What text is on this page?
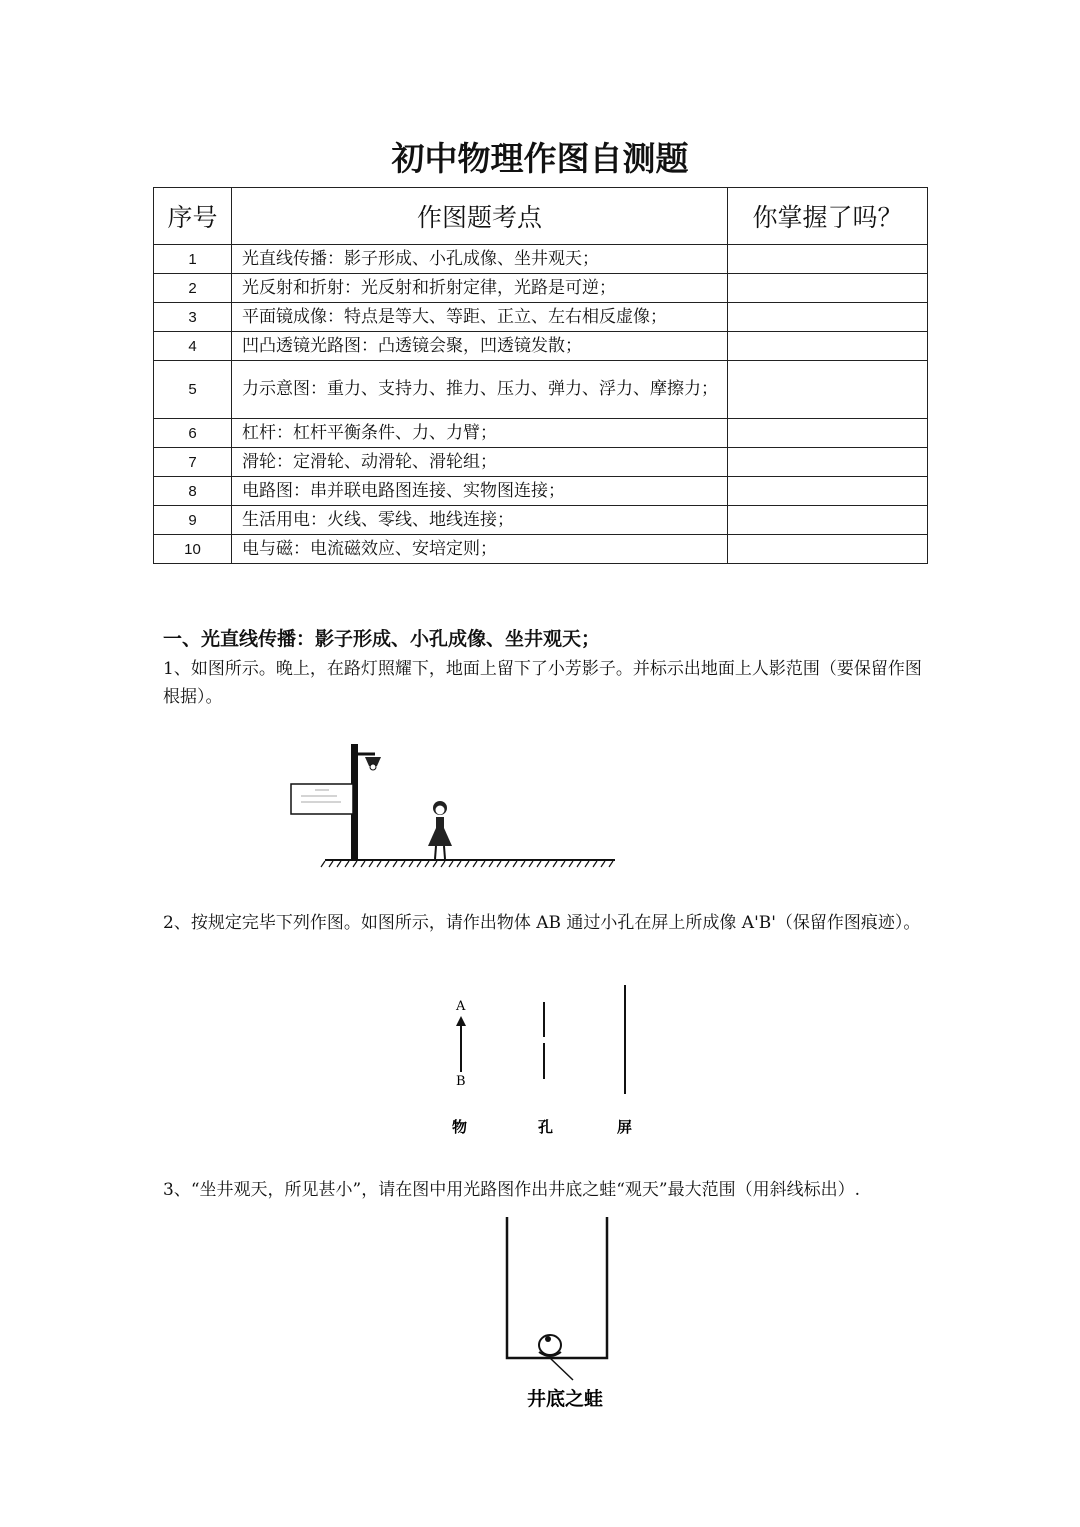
初中物理作图自测题
序号	作图题考点	你掌握了吗？
1	光直线传播：影子形成、小孔成像、坐井观天；	
2	光反射和折射：光反射和折射定律，光路是可逆；	
3	平面镜成像：特点是等大、等距、正立、左右相反虚像；	
4	凹凸透镜光路图：凸透镜会聚，凹透镜发散；	
5	力示意图：重力、支持力、推力、压力、弹力、浮力、摩擦力；	
6	杠杆：杠杆平衡条件、力、力臂；	
7	滑轮：定滑轮、动滑轮、滑轮组；	
8	电路图：串并联电路图连接、实物图连接；	
9	生活用电：火线、零线、地线连接；	
10	电与磁：电流磁效应、安培定则；	
一、光直线传播：影子形成、小孔成像、坐井观天；
1、如图所示。晚上，在路灯照耀下，地面上留下了小芳影子。并标示出地面上人影范围（要保留作图根据）。
2、按规定完毕下列作图。如图所示，请作出物体 AB 通过小孔在屏上所成像 A'B'（保留作图痕迹）。
A
B
物	孔	屏
3、“坐井观天，所见甚小”，请在图中用光路图作出井底之蛙“观天”最大范围（用斜线标出）.
井底之蛙
